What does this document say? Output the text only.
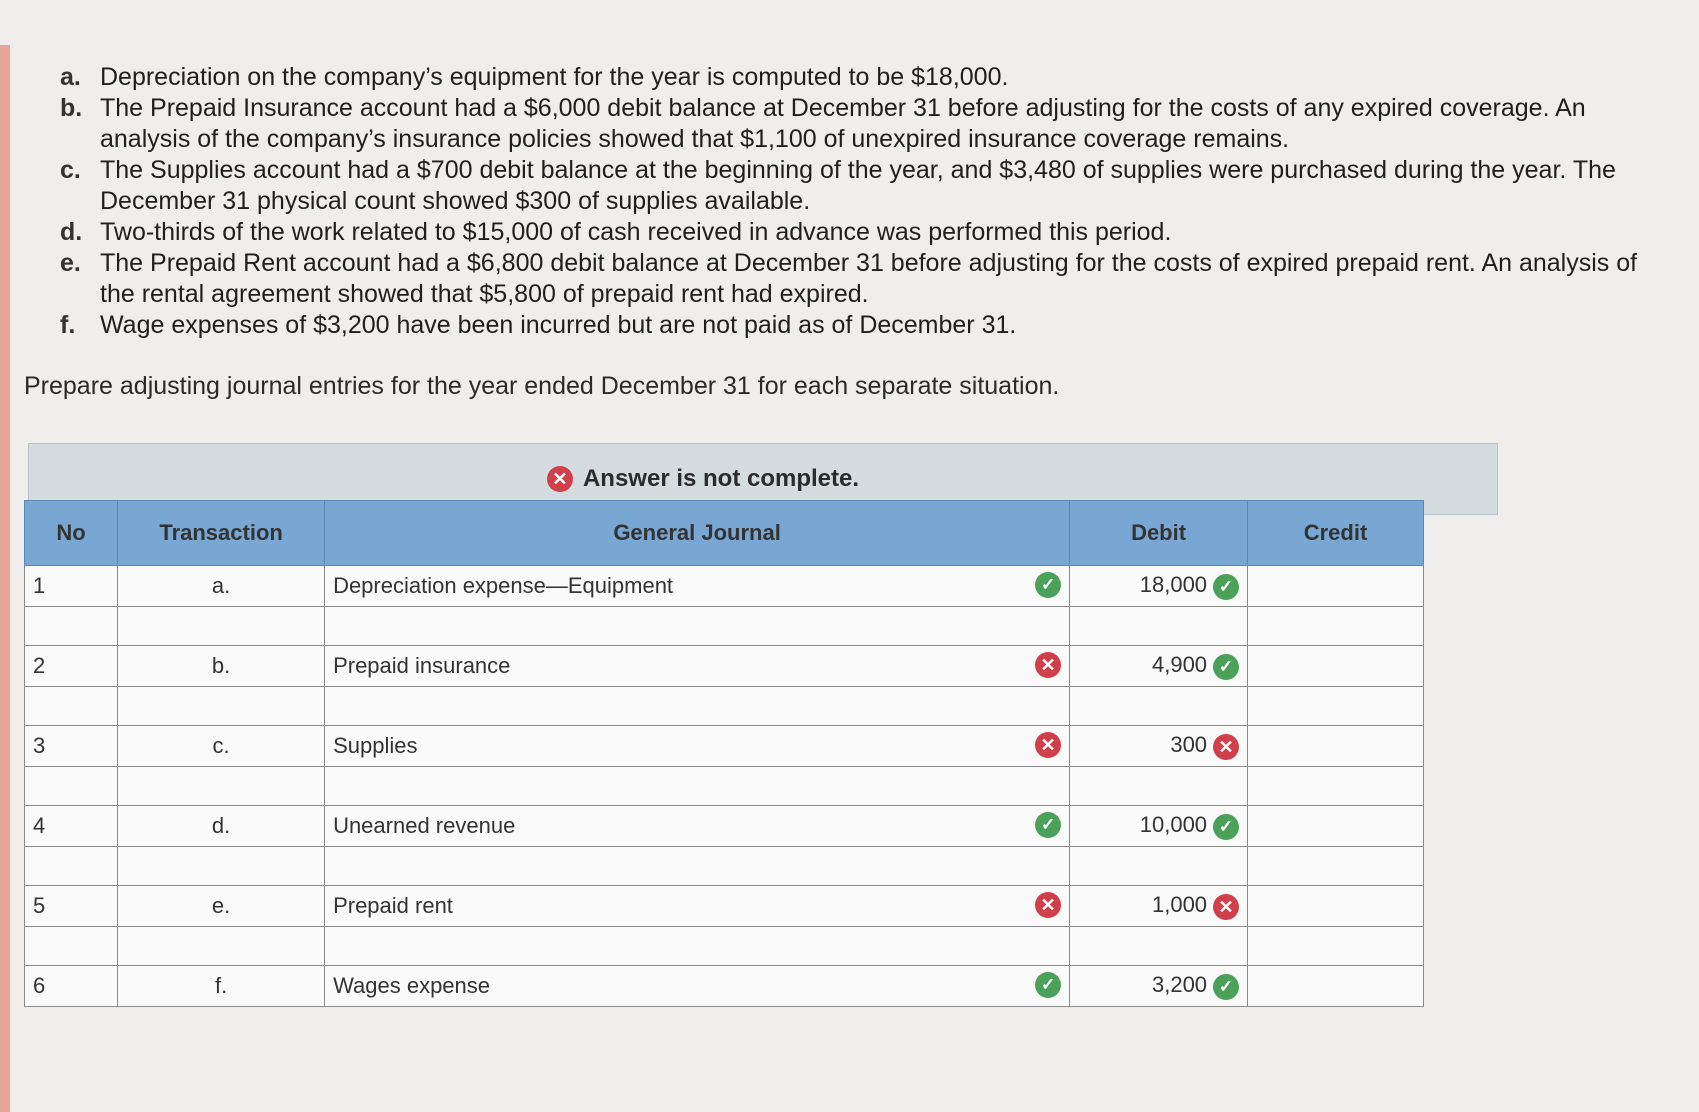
a. Depreciation on the company’s equipment for the year is computed to be $18,000.
b. The Prepaid Insurance account had a $6,000 debit balance at December 31 before adjusting for the costs of any expired coverage. An analysis of the company’s insurance policies showed that $1,100 of unexpired insurance coverage remains.
c. The Supplies account had a $700 debit balance at the beginning of the year, and $3,480 of supplies were purchased during the year. The December 31 physical count showed $300 of supplies available.
d. Two-thirds of the work related to $15,000 of cash received in advance was performed this period.
e. The Prepaid Rent account had a $6,800 debit balance at December 31 before adjusting for the costs of expired prepaid rent. An analysis of the rental agreement showed that $5,800 of prepaid rent had expired.
f. Wage expenses of $3,200 have been incurred but are not paid as of December 31.
Prepare adjusting journal entries for the year ended December 31 for each separate situation.
✕ Answer is not complete.
No	Transaction	General Journal	Debit	Credit
1	a.	Depreciation expense—Equipment ✓	18,000 ✓	

2	b.	Prepaid insurance ✕	4,900 ✓	

3	c.	Supplies ✕	300 ✕	

4	d.	Unearned revenue ✓	10,000 ✓	

5	e.	Prepaid rent ✕	1,000 ✕	

6	f.	Wages expense ✓	3,200 ✓	
